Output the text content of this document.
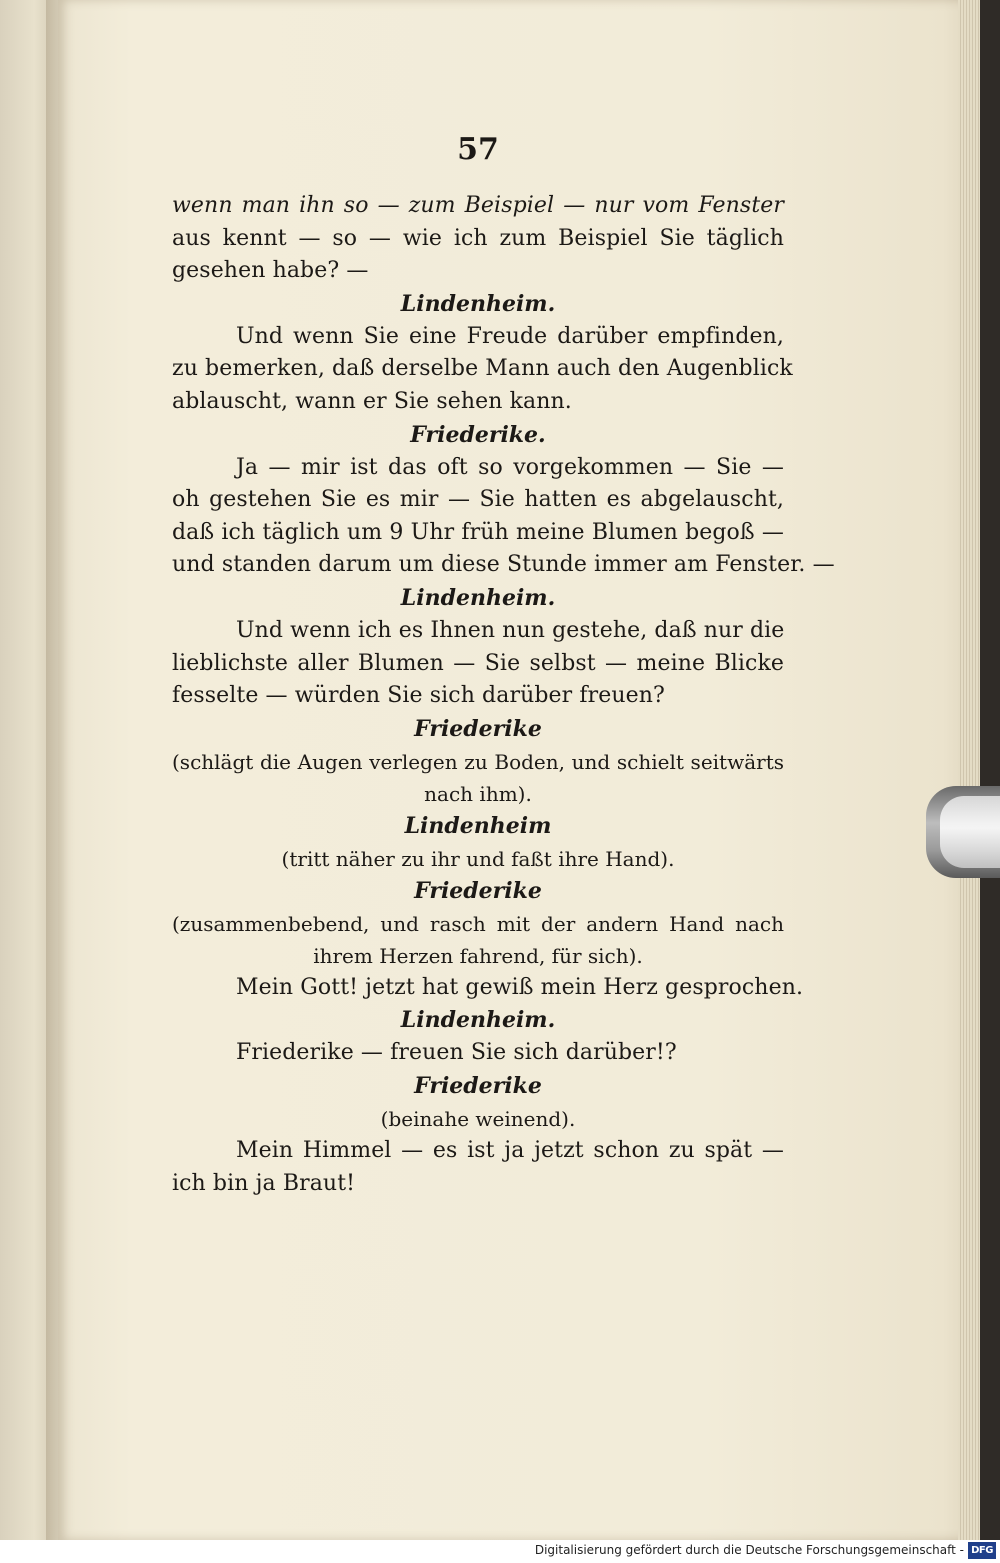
57
wenn man ihn so — zum Beispiel — nur vom Fenster
aus kennt — so — wie ich zum Beispiel Sie täglich
gesehen habe? —
Lindenheim.
Und wenn Sie eine Freude darüber empfinden,
zu bemerken, daß derselbe Mann auch den Augenblick
ablauscht, wann er Sie sehen kann.
Friederike.
Ja — mir ist das oft so vorgekommen — Sie —
oh gestehen Sie es mir — Sie hatten es abgelauscht,
daß ich täglich um 9 Uhr früh meine Blumen begoß —
und standen darum um diese Stunde immer am Fenster. —
Lindenheim.
Und wenn ich es Ihnen nun gestehe, daß nur die
lieblichste aller Blumen — Sie selbst — meine Blicke
fesselte — würden Sie sich darüber freuen?
Friederike
(schlägt die Augen verlegen zu Boden, und schielt seitwärts
nach ihm).
Lindenheim
(tritt näher zu ihr und faßt ihre Hand).
Friederike
(zusammenbebend, und rasch mit der andern Hand nach
ihrem Herzen fahrend, für sich).
Mein Gott! jetzt hat gewiß mein Herz gesprochen.
Lindenheim.
Friederike — freuen Sie sich darüber!?
Friederike
(beinahe weinend).
Mein Himmel — es ist ja jetzt schon zu spät —
ich bin ja Braut!
Digitalisierung gefördert durch die Deutsche Forschungsgemeinschaft - DFG
